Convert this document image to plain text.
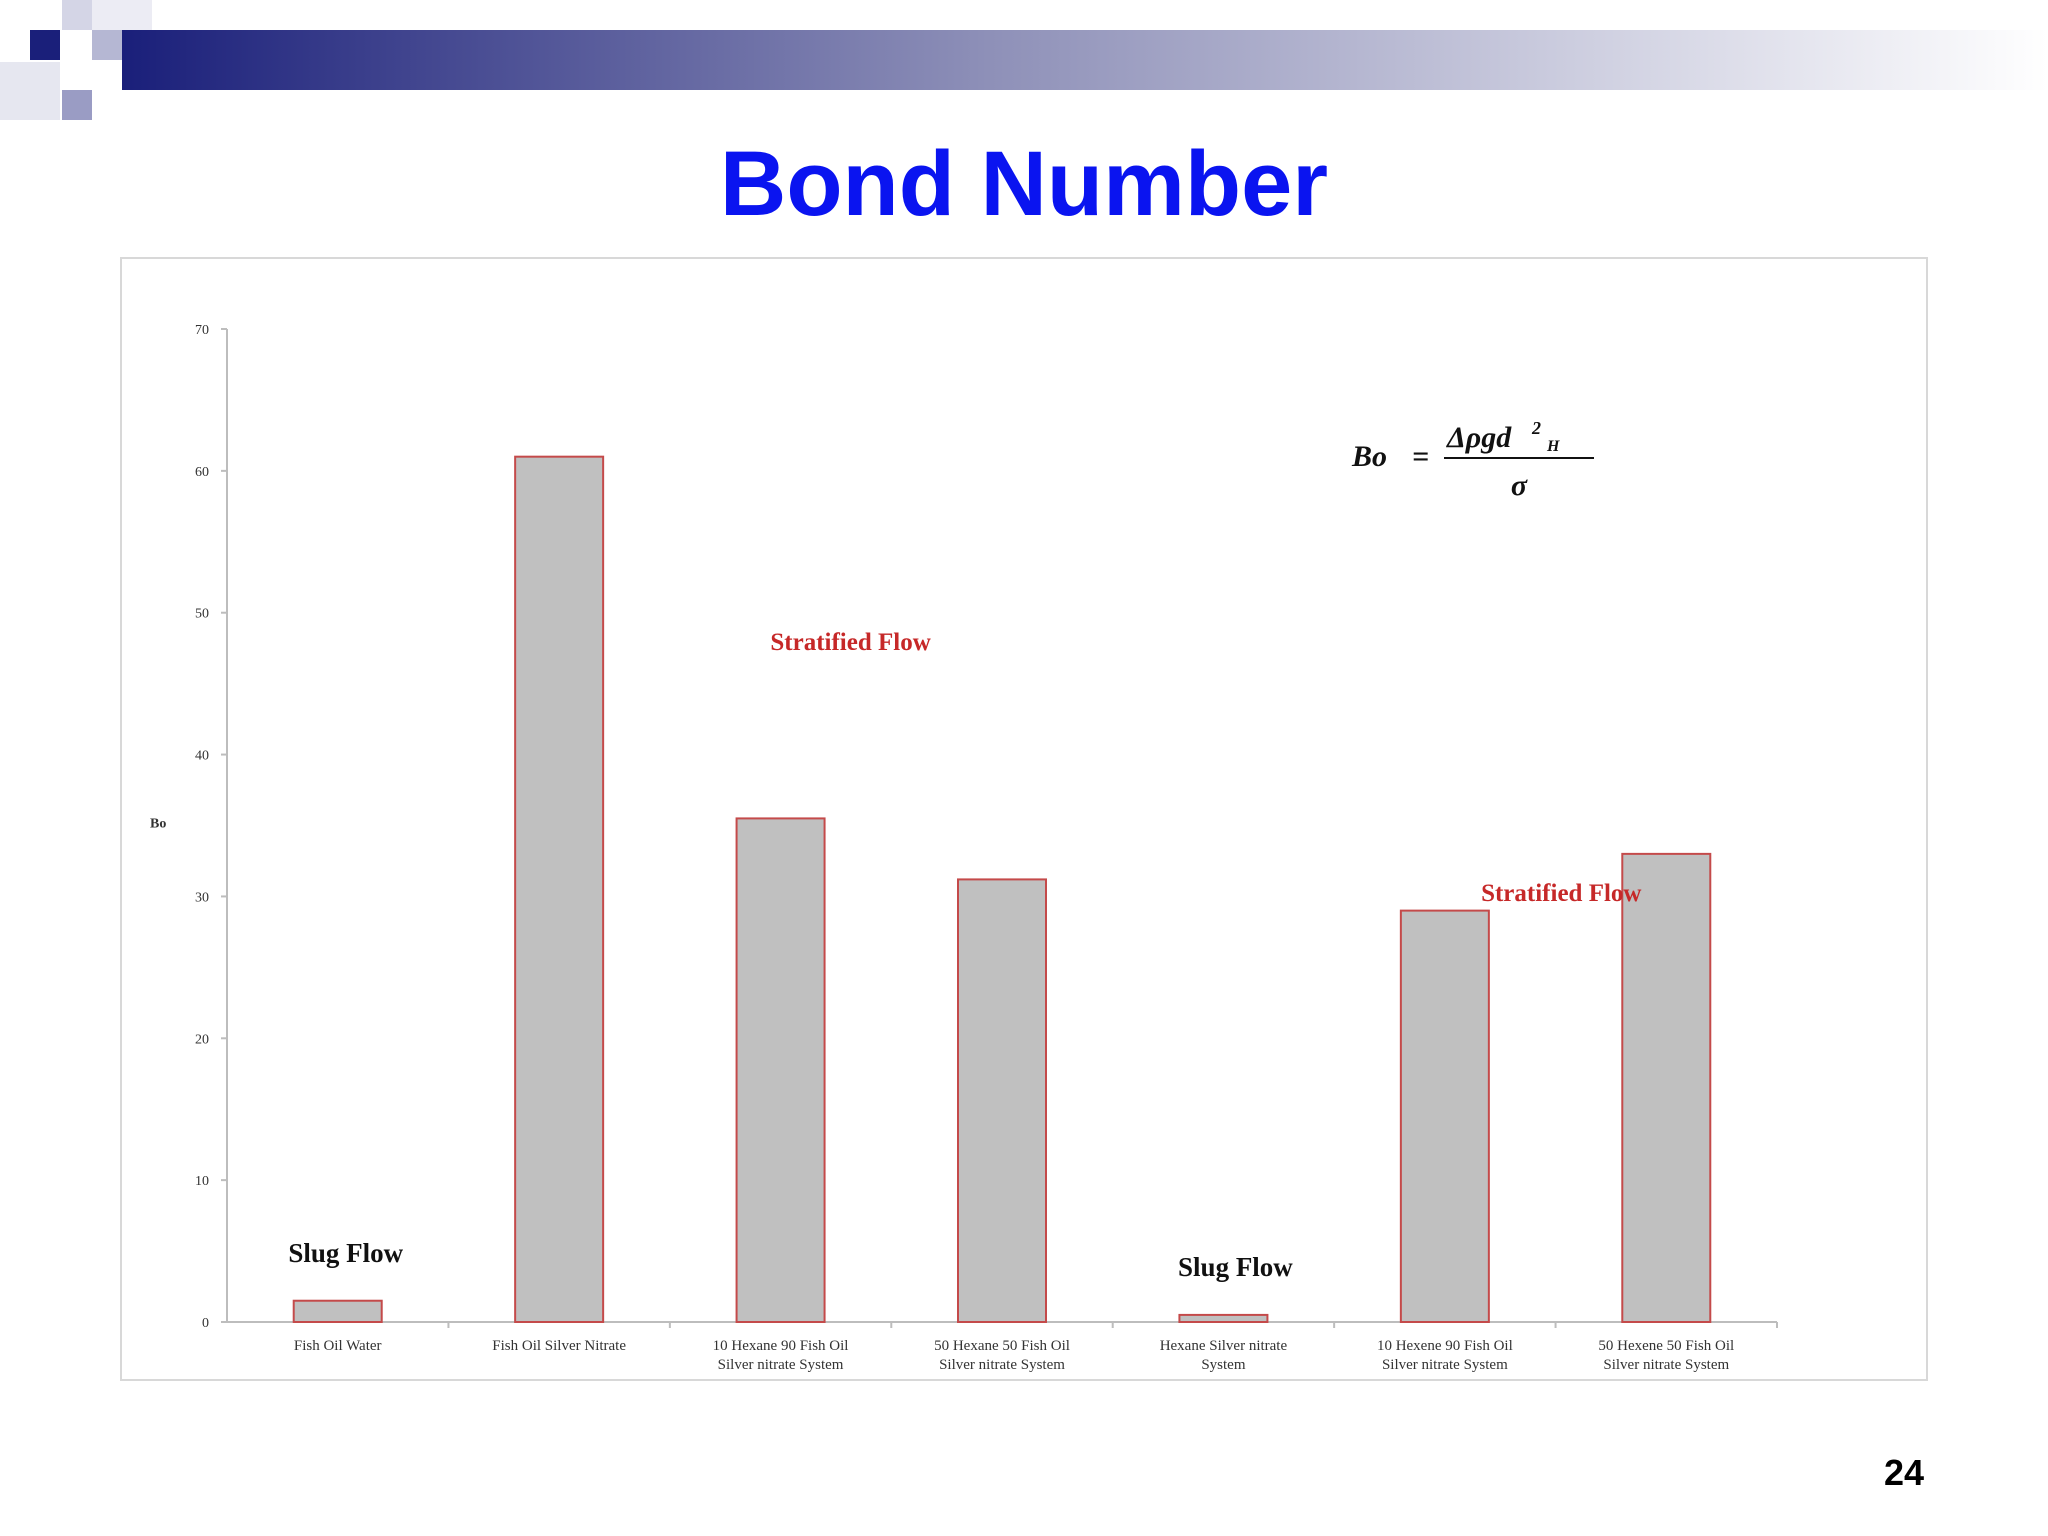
Bond Number
0
10
20
30
40
50
60
70
Bo
Fish Oil Water	Fish Oil Silver Nitrate	10 Hexane 90 Fish Oil
Silver nitrate System
50 Hexane 50 Fish Oil
Silver nitrate System
Hexane Silver nitrate
System
10 Hexene 90 Fish Oil
Silver nitrate System
50 Hexene 50 Fish Oil
Silver nitrate System
Slug Flow
Stratified Flow
Slug Flow
Stratified Flow
Bo =
Δρgd 2
H
σ
24
